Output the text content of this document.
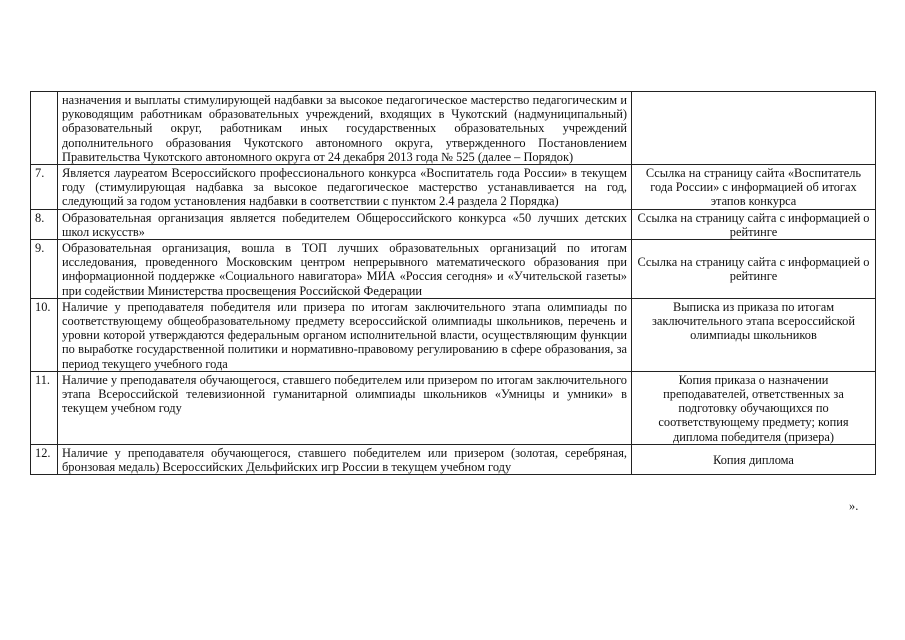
	назначения и выплаты стимулирующей надбавки за высокое педагогическое мастерство педагогическим и руководящим работникам образовательных учреждений, входящих в Чукотский (надмуниципальный) образовательный округ, работникам иных государственных образовательных учреждений дополнительного образования Чукотского автономного округа, утвержденного Постановлением Правительства Чукотского автономного округа от 24 декабря 2013 года № 525 (далее – Порядок)	
7.	Является лауреатом Всероссийского профессионального конкурса «Воспитатель года России» в текущем году (стимулирующая надбавка за высокое педагогическое мастерство устанавливается на год, следующий за годом установления надбавки в соответствии с пунктом 2.4 раздела 2 Порядка)	Ссылка на страницу сайта «Воспитатель года России» с информацией об итогах этапов конкурса
8.	Образовательная организация является победителем Общероссийского конкурса «50 лучших детских школ искусств»	Ссылка на страницу сайта с информацией о рейтинге
9.	Образовательная организация, вошла в ТОП лучших образовательных организаций по итогам исследования, проведенного Московским центром непрерывного математического образования при информационной поддержке «Социального навигатора» МИА «Россия сегодня» и «Учительской газеты» при содействии Министерства просвещения Российской Федерации	Ссылка на страницу сайта с информацией о рейтинге
10.	Наличие у преподавателя победителя или призера по итогам заключительного этапа олимпиады по соответствующему общеобразовательному предмету всероссийской олимпиады школьников, перечень и уровни которой утверждаются федеральным органом исполнительной власти, осуществляющим функции по выработке государственной политики и нормативно-правовому регулированию в сфере образования, за период текущего учебного года	Выписка из приказа по итогам заключительного этапа всероссийской олимпиады школьников
11.	Наличие у преподавателя обучающегося, ставшего победителем или призером по итогам заключительного этапа Всероссийской телевизионной гуманитарной олимпиады школьников «Умницы и умники» в текущем учебном году	Копия приказа о назначении преподавателей, ответственных за подготовку обучающихся по соответствующему предмету; копия диплома победителя (призера)
12.	Наличие у преподавателя обучающегося, ставшего победителем или призером (золотая, серебряная, бронзовая медаль) Всероссийских Дельфийских игр России в текущем учебном году	Копия диплома
».
